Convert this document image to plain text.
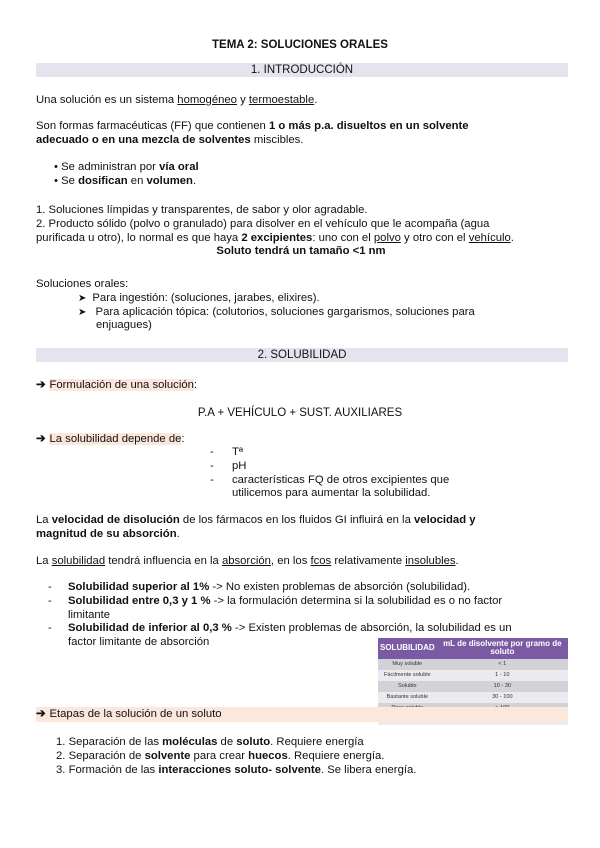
TEMA 2: SOLUCIONES ORALES
1. INTRODUCCIÓN
Una solución es un sistema homogéneo y termoestable.
Son formas farmacéuticas (FF) que contienen 1 o más p.a. disueltos en un solvente
adecuado o en una mezcla de solventes miscibles.
• Se administran por vía oral
• Se dosifican en volumen.
1. Soluciones límpidas y transparentes, de sabor y olor agradable.
2. Producto sólido (polvo o granulado) para disolver en el vehículo que le acompaña (agua
purificada u otro), lo normal es que haya 2 excipientes: uno con el polvo y otro con el vehículo.
Soluto tendrá un tamaño <1 nm
Soluciones orales:
➤ Para ingestión: (soluciones, jarabes, elixires).
➤ Para aplicación tópica: (colutorios, soluciones gargarismos, soluciones para
enjuagues)
2. SOLUBILIDAD
➔ Formulación de una solución:
P.A + VEHÍCULO + SUST. AUXILIARES
➔ La solubilidad depende de:
- Tª
- pH
- características FQ de otros excipientes que
utilicemos para aumentar la solubilidad.
La velocidad de disolución de los fármacos en los fluidos GI influirá en la velocidad y
magnitud de su absorción.
La solubilidad tendrá influencia en la absorción, en los fcos relativamente insolubles.
- Solubilidad superior al 1% -> No existen problemas de absorción (solubilidad).
- Solubilidad entre 0,3 y 1 % -> la formulación determina si la solubilidad es o no factor
limitante
- Solubilidad de inferior al 0,3 % -> Existen problemas de absorción, la solubilidad es un
factor limitante de absorción	SOLUBILIDAD	mL de disolvente por gramo de soluto
Muy soluble	< 1
Fácilmente soluble	1 - 10
Soluble	10 - 30
Bastante soluble	30 - 100

➔ Etapas de la solución de un soluto
1. Separación de las moléculas de soluto. Requiere energía
2. Separación de solvente para crear huecos. Requiere energía.
3. Formación de las interacciones soluto- solvente. Se libera energía.
